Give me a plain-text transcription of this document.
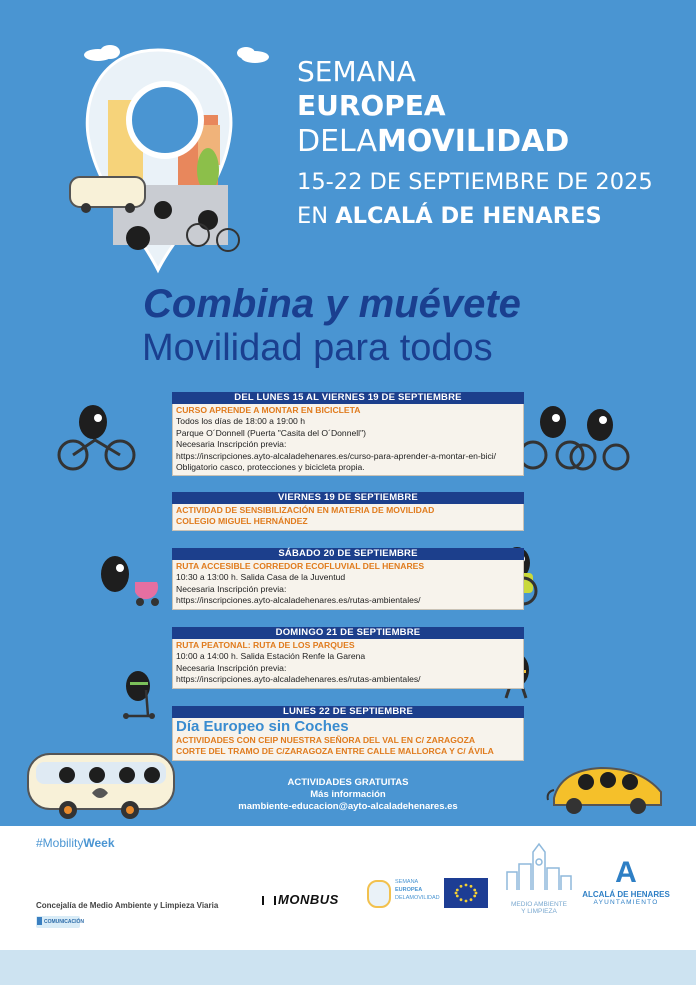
SEMANA
EUROPEA
DELAMOVILIDAD
15-22 DE SEPTIEMBRE DE 2025
EN ALCALÁ DE HENARES
Combina y muévete
Movilidad para todos
DEL LUNES 15 AL VIERNES 19 DE SEPTIEMBRE
CURSO APRENDE A MONTAR EN BICICLETA
Todos los días de 18:00 a 19:00 h
Parque O´Donnell (Puerta "Casita del O´Donnell")
Necesaria Inscripción previa:
https://inscripciones.ayto-alcaladehenares.es/curso-para-aprender-a-montar-en-bici/
Obligatorio casco, protecciones y bicicleta propia.
VIERNES 19 DE SEPTIEMBRE
ACTIVIDAD DE SENSIBILIZACIÓN EN MATERIA DE MOVILIDAD
COLEGIO MIGUEL HERNÁNDEZ
SÁBADO 20 DE SEPTIEMBRE
RUTA ACCESIBLE CORREDOR ECOFLUVIAL DEL HENARES
10:30 a 13:00 h. Salida Casa de la Juventud
Necesaria Inscripción previa:
https://inscripciones.ayto-alcaladehenares.es/rutas-ambientales/
DOMINGO 21 DE SEPTIEMBRE
RUTA PEATONAL: RUTA DE LOS PARQUES
10:00 a 14:00 h. Salida Estación Renfe la Garena
Necesaria Inscripción previa:
https://inscripciones.ayto-alcaladehenares.es/rutas-ambientales/
LUNES 22 DE SEPTIEMBRE
Día Europeo sin Coches
ACTIVIDADES CON CEIP NUESTRA SEÑORA DEL VAL EN C/ ZARAGOZA
CORTE DEL TRAMO DE C/ZARAGOZA ENTRE CALLE MALLORCA Y C/ ÁVILA
ACTIVIDADES GRATUITAS
Más información
mambiente-educacion@ayto-alcaladehenares.es
#MobilityWeek
Concejalía de Medio Ambiente y Limpieza Viaria
COMUNICACIÓN
MONBUS
SEMANA
EUROPEA
DELAMOVILIDAD
MEDIO AMBIENTE
Y LIMPIEZA
A
ALCALÁ DE HENARES
AYUNTAMIENTO
